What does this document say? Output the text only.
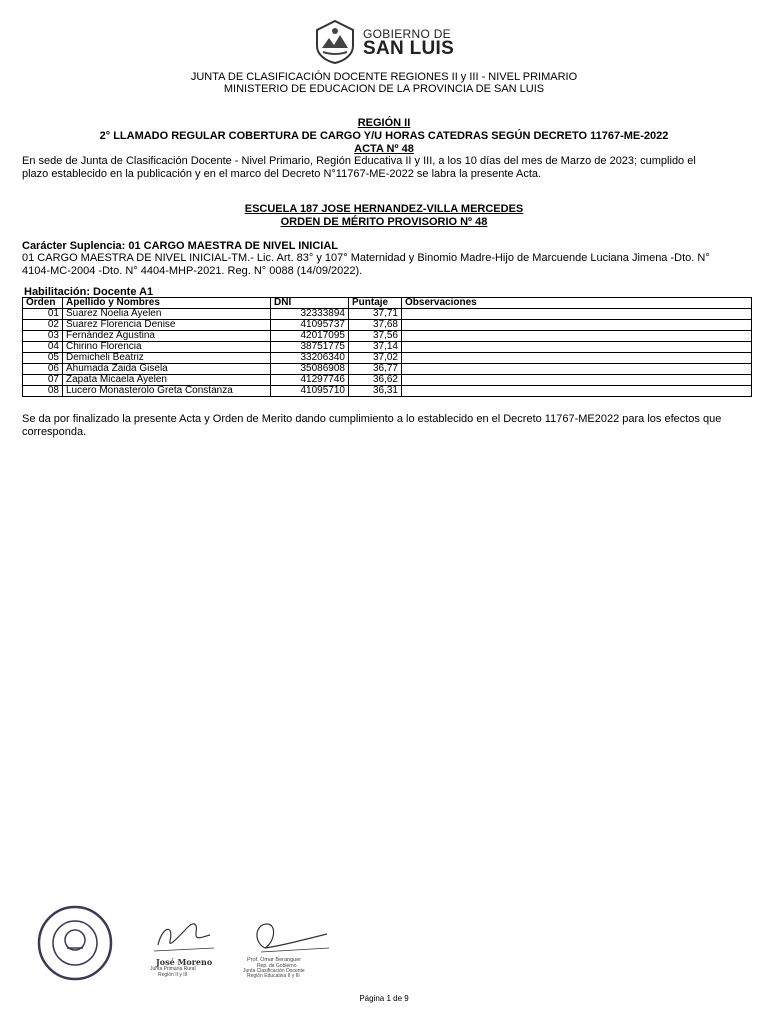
GOBIERNO DE
SAN LUIS
JUNTA DE CLASIFICACIÓN DOCENTE REGIONES II y III - NIVEL PRIMARIO
MINISTERIO DE EDUCACION DE LA PROVINCIA DE SAN LUIS
REGIÓN II
2° LLAMADO REGULAR COBERTURA DE CARGO Y/U HORAS CATEDRAS SEGÚN DECRETO 11767-ME-2022
ACTA Nº 48
En sede de Junta de Clasificación Docente - Nivel Primario, Región Educativa II y III, a los 10 días del mes de Marzo de 2023; cumplido el plazo establecido en la publicación y en el marco del Decreto N°11767-ME-2022 se labra la presente Acta.
ESCUELA 187 JOSE HERNANDEZ-VILLA MERCEDES
ORDEN DE MÉRITO PROVISORIO Nº 48
Carácter Suplencia: 01 CARGO MAESTRA DE NIVEL INICIAL
01 CARGO MAESTRA DE NIVEL INICIAL-TM.- Lic. Art. 83° y 107° Maternidad y Binomio Madre-Hijo de Marcuende Luciana Jimena -Dto. N° 4104-MC-2004 -Dto. N° 4404-MHP-2021. Reg. N° 0088 (14/09/2022).
Habilitación: Docente A1
Orden	Apellido y Nombres	DNI	Puntaje	Observaciones
01	Suarez Noelia Ayelen	32333894	37,71	
02	Suarez Florencia Denise	41095737	37,68	
03	Fernández Agustina	42017095	37,56	
04	Chirino Florencia	38751775	37,14	
05	Demicheli Beatriz	33206340	37,02	
06	Ahumada Zaida Gisela	35086908	36,77	
07	Zapata Micaela Ayelen	41297746	36,62	
08	Lucero Monasterolo Greta Constanza	41095710	36,31	
Se da por finalizado la presente Acta y Orden de Merito dando cumplimiento a lo establecido en el Decreto 11767-ME2022 para los efectos que corresponda.
José Moreno
Junta Primaria Rural
Región II y III
Prof. Omar Beranguer
Rep. de Gobierno
Junta Clasificación Docente
Región Educativa II y III
Página 1 de 9
